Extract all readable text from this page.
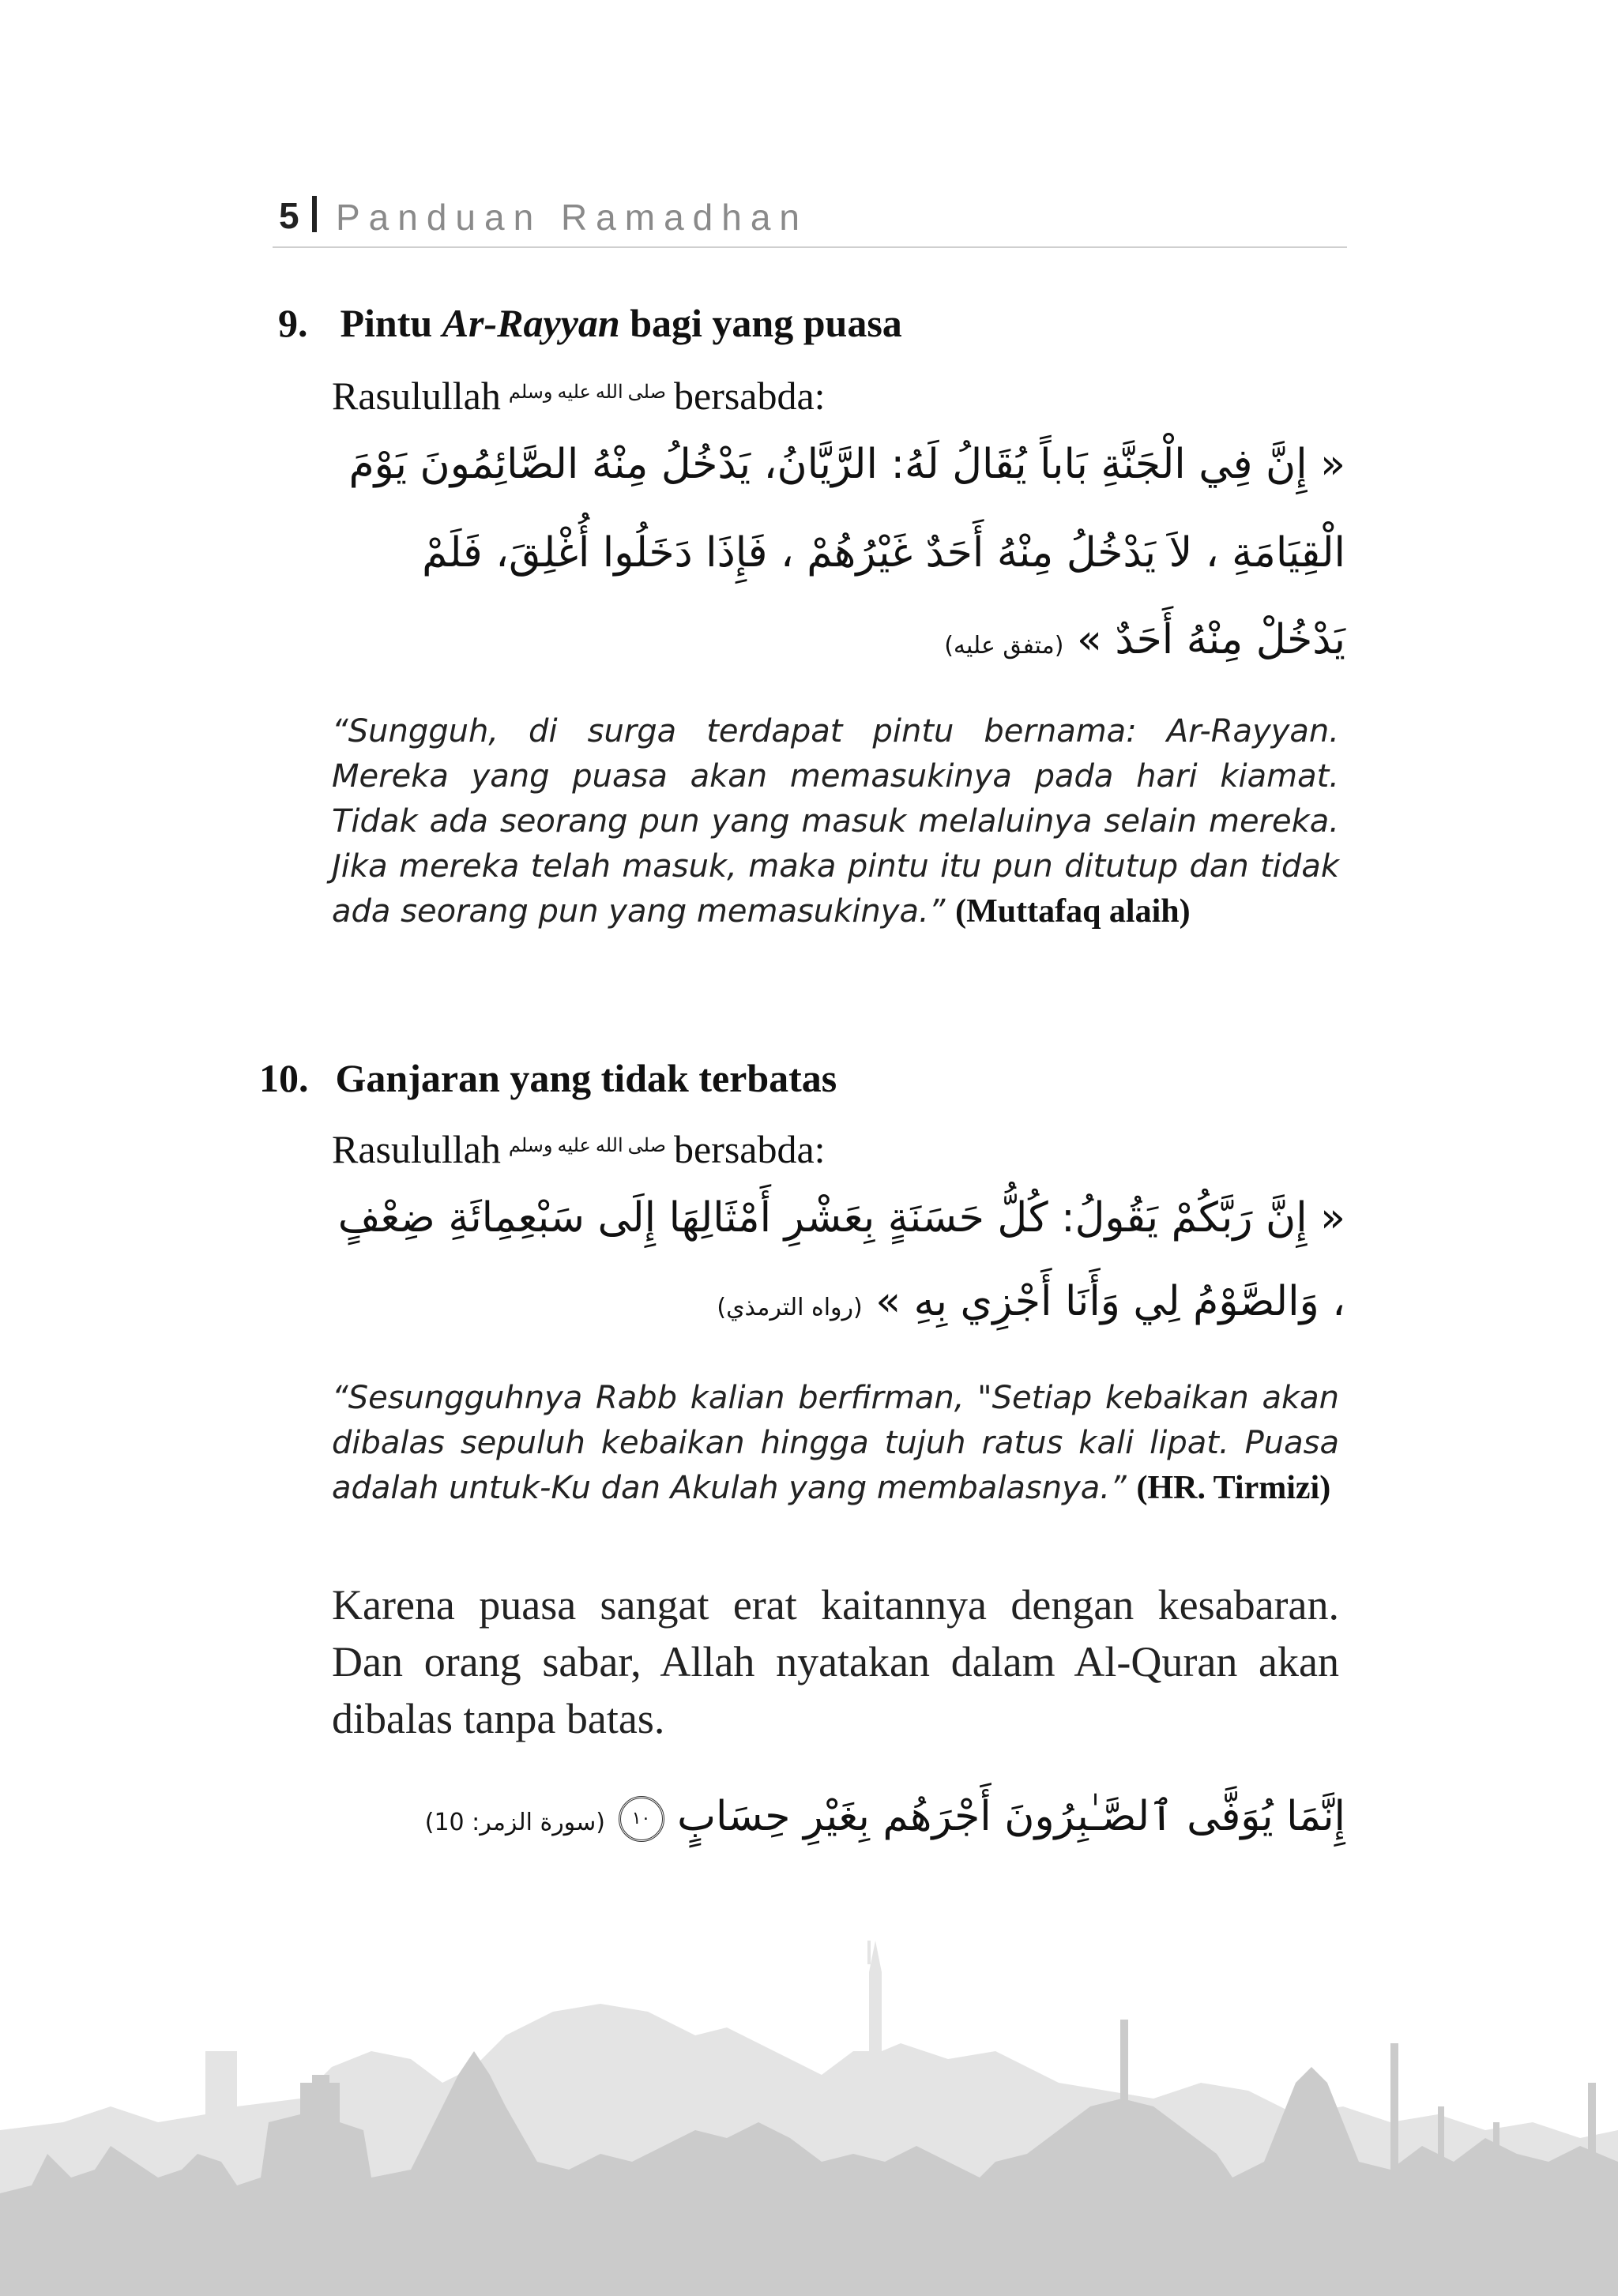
5 Panduan Ramadhan
9. Pintu Ar-Rayyan bagi yang puasa
Rasulullah صلى الله عليه وسلم bersabda:
« إِنَّ فِي الْجَنَّةِ بَاباً يُقَالُ لَهُ: الرَّيَّانُ، يَدْخُلُ مِنْهُ الصَّائِمُونَ يَوْمَ
الْقِيَامَةِ ، لاَ يَدْخُلُ مِنْهُ أَحَدٌ غَيْرُهُمْ ، فَإِذَا دَخَلُوا أُغْلِقَ، فَلَمْ
يَدْخُلْ مِنْهُ أَحَدٌ » (متفق عليه)
“Sungguh, di surga terdapat pintu bernama: Ar-Rayyan. Mereka yang puasa akan memasukinya pada hari kiamat. Tidak ada seorang pun yang masuk melaluinya selain mereka. Jika mereka telah masuk, maka pintu itu pun ditutup dan tidak ada seorang pun yang memasukinya.” (Muttafaq alaih)
10. Ganjaran yang tidak terbatas
Rasulullah صلى الله عليه وسلم bersabda:
« إِنَّ رَبَّكُمْ يَقُولُ: كُلُّ حَسَنَةٍ بِعَشْرِ أَمْثَالِهَا إِلَى سَبْعِمِائَةِ ضِعْفٍ
، وَالصَّوْمُ لِي وَأَنَا أَجْزِي بِهِ » (رواه الترمذي)
“Sesungguhnya Rabb kalian berfirman, "Setiap kebaikan akan dibalas sepuluh kebaikan hingga tujuh ratus kali lipat. Puasa adalah untuk-Ku dan Akulah yang membalasnya.” (HR. Tirmizi)
Karena puasa sangat erat kaitannya dengan kesabaran. Dan orang sabar, Allah nyatakan dalam Al-Quran akan dibalas tanpa batas.
إِنَّمَا يُوَفَّى ٱلصَّـٰبِرُونَ أَجْرَهُم بِغَيْرِ حِسَابٍ ١٠ (سورة الزمر: 10)
